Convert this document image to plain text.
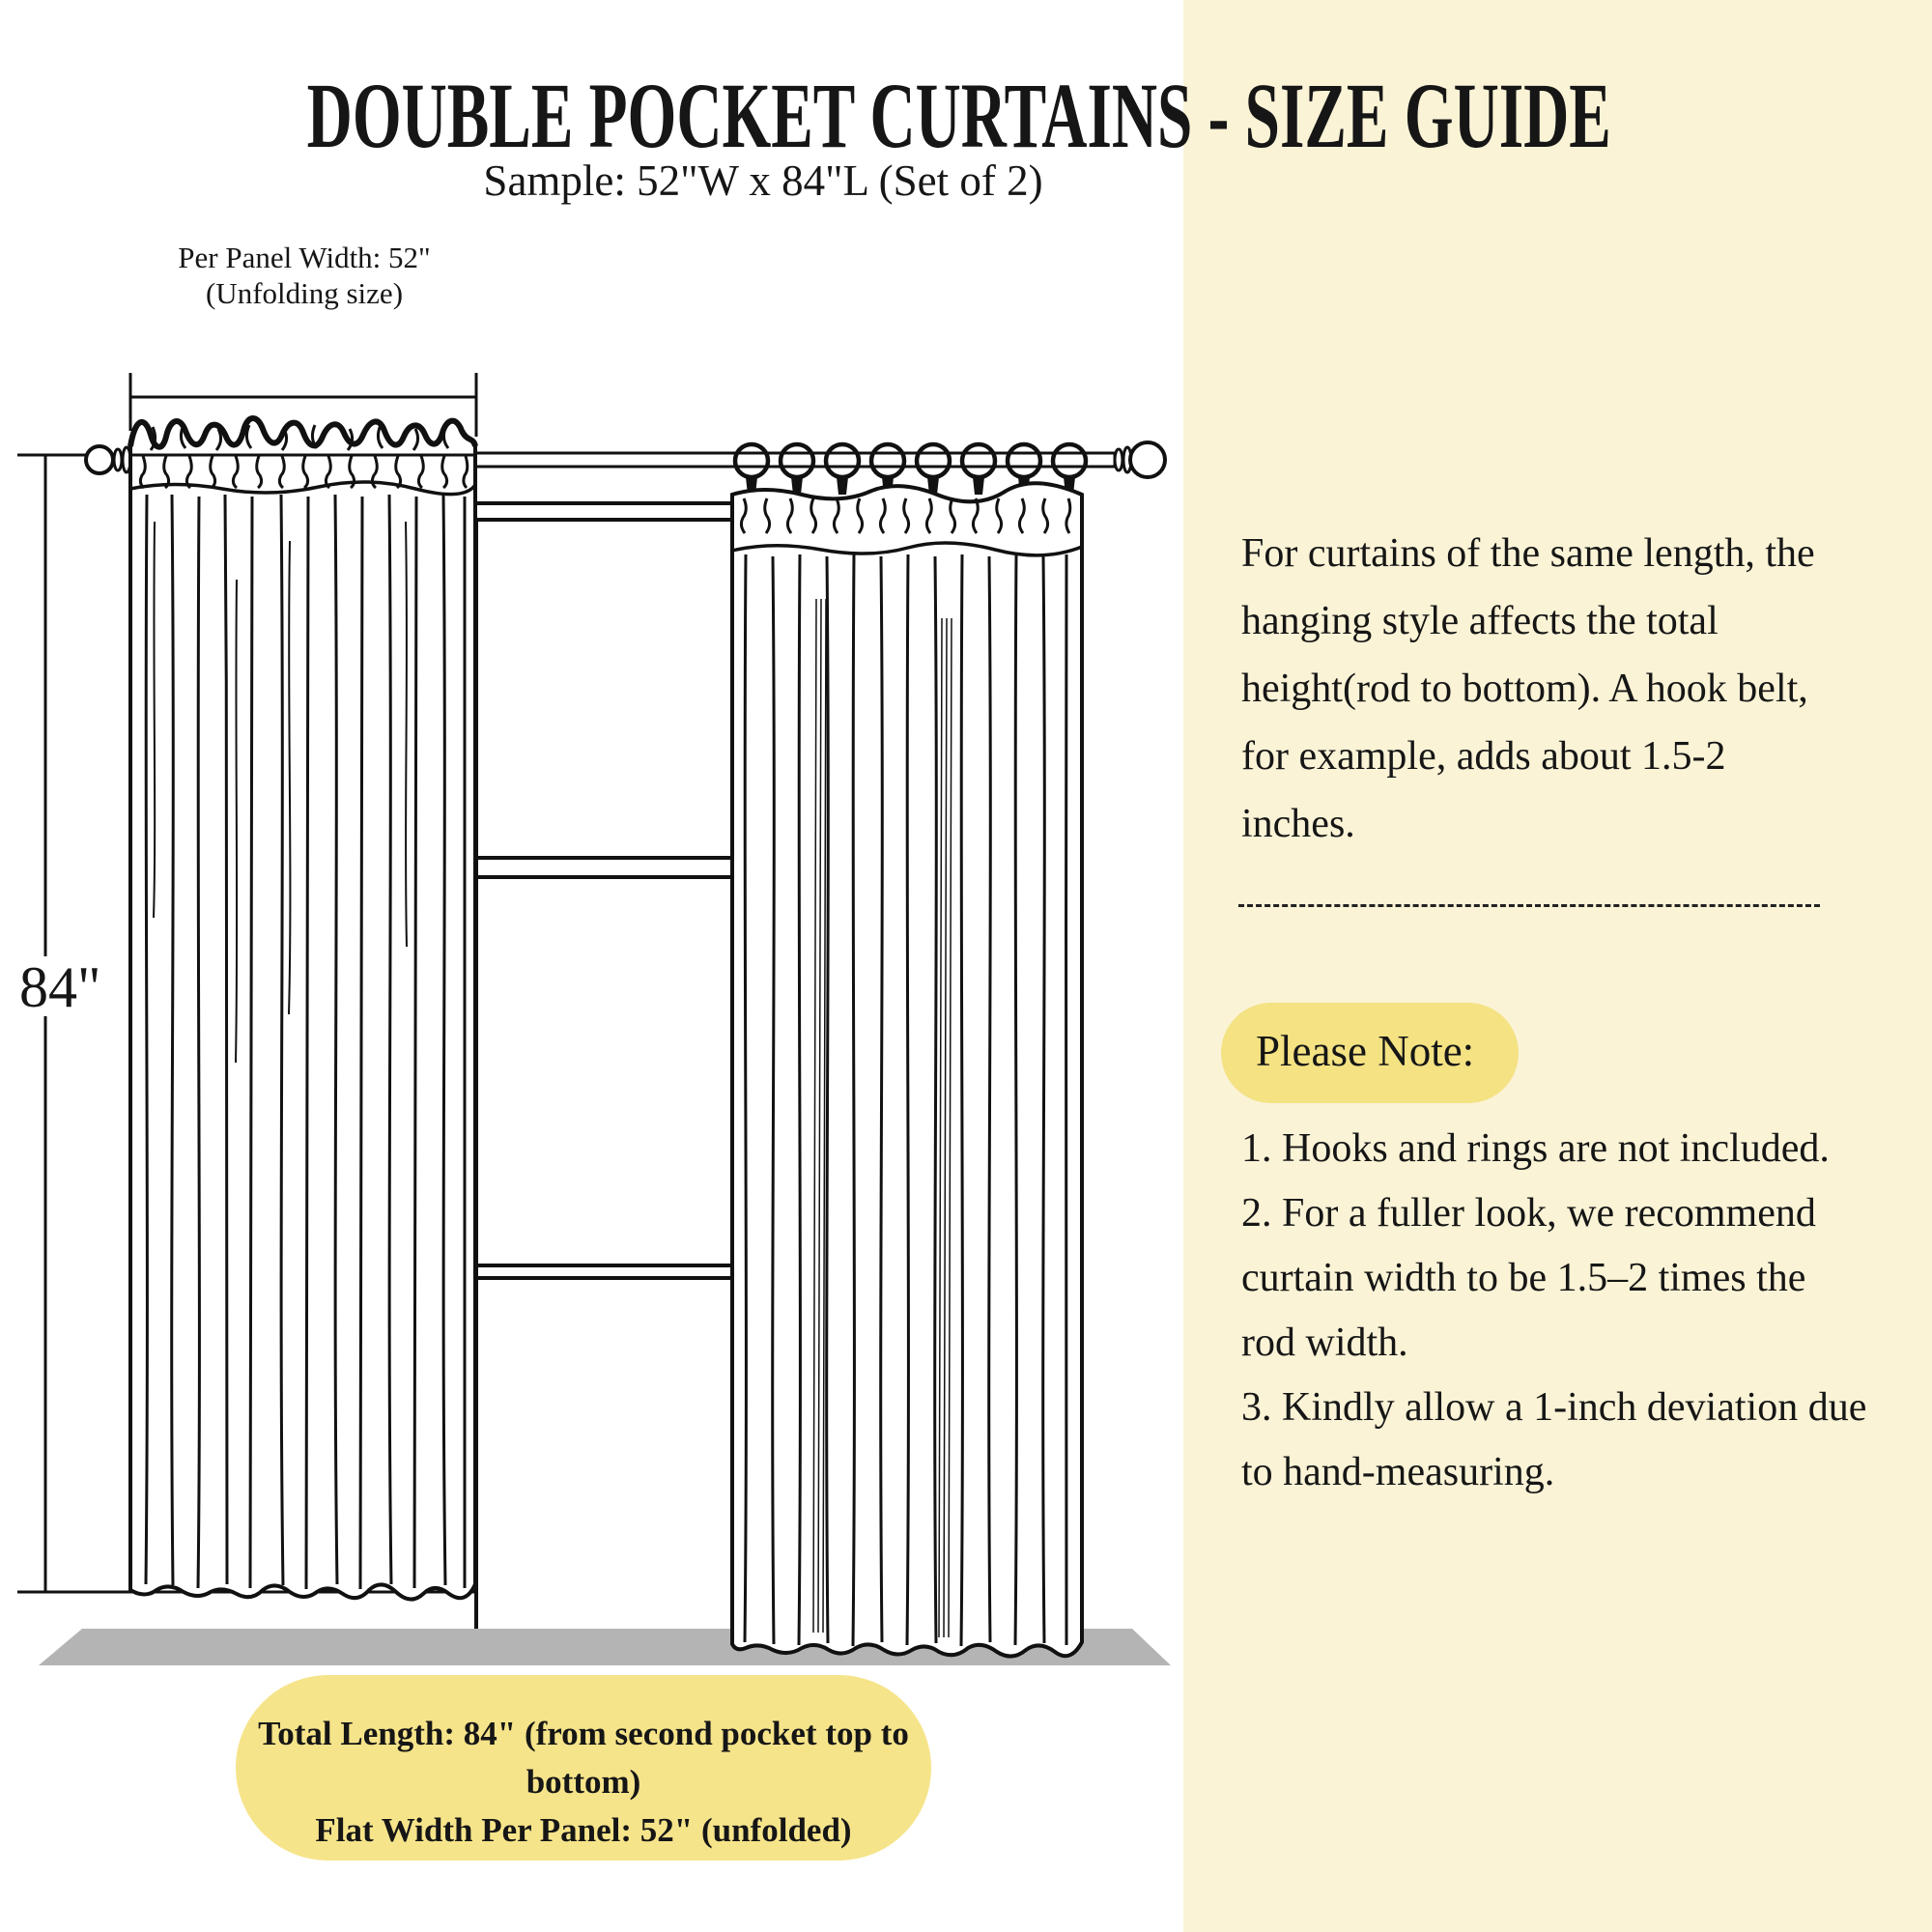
DOUBLE POCKET CURTAINS - SIZE GUIDE
Sample: 52"W x 84"L (Set of 2)
Per Panel Width: 52"
(Unfolding size)
84"
For curtains of the same length, the
hanging style affects the total
height(rod to bottom). A hook belt,
for example, adds about 1.5-2
inches.
Please Note:
1. Hooks and rings are not included.
2. For a fuller look, we recommend
curtain width to be 1.5–2 times the
rod width.
3. Kindly allow a 1-inch deviation due
to hand-measuring.
Total Length: 84" (from second pocket top to bottom)
Flat Width Per Panel: 52" (unfolded)
